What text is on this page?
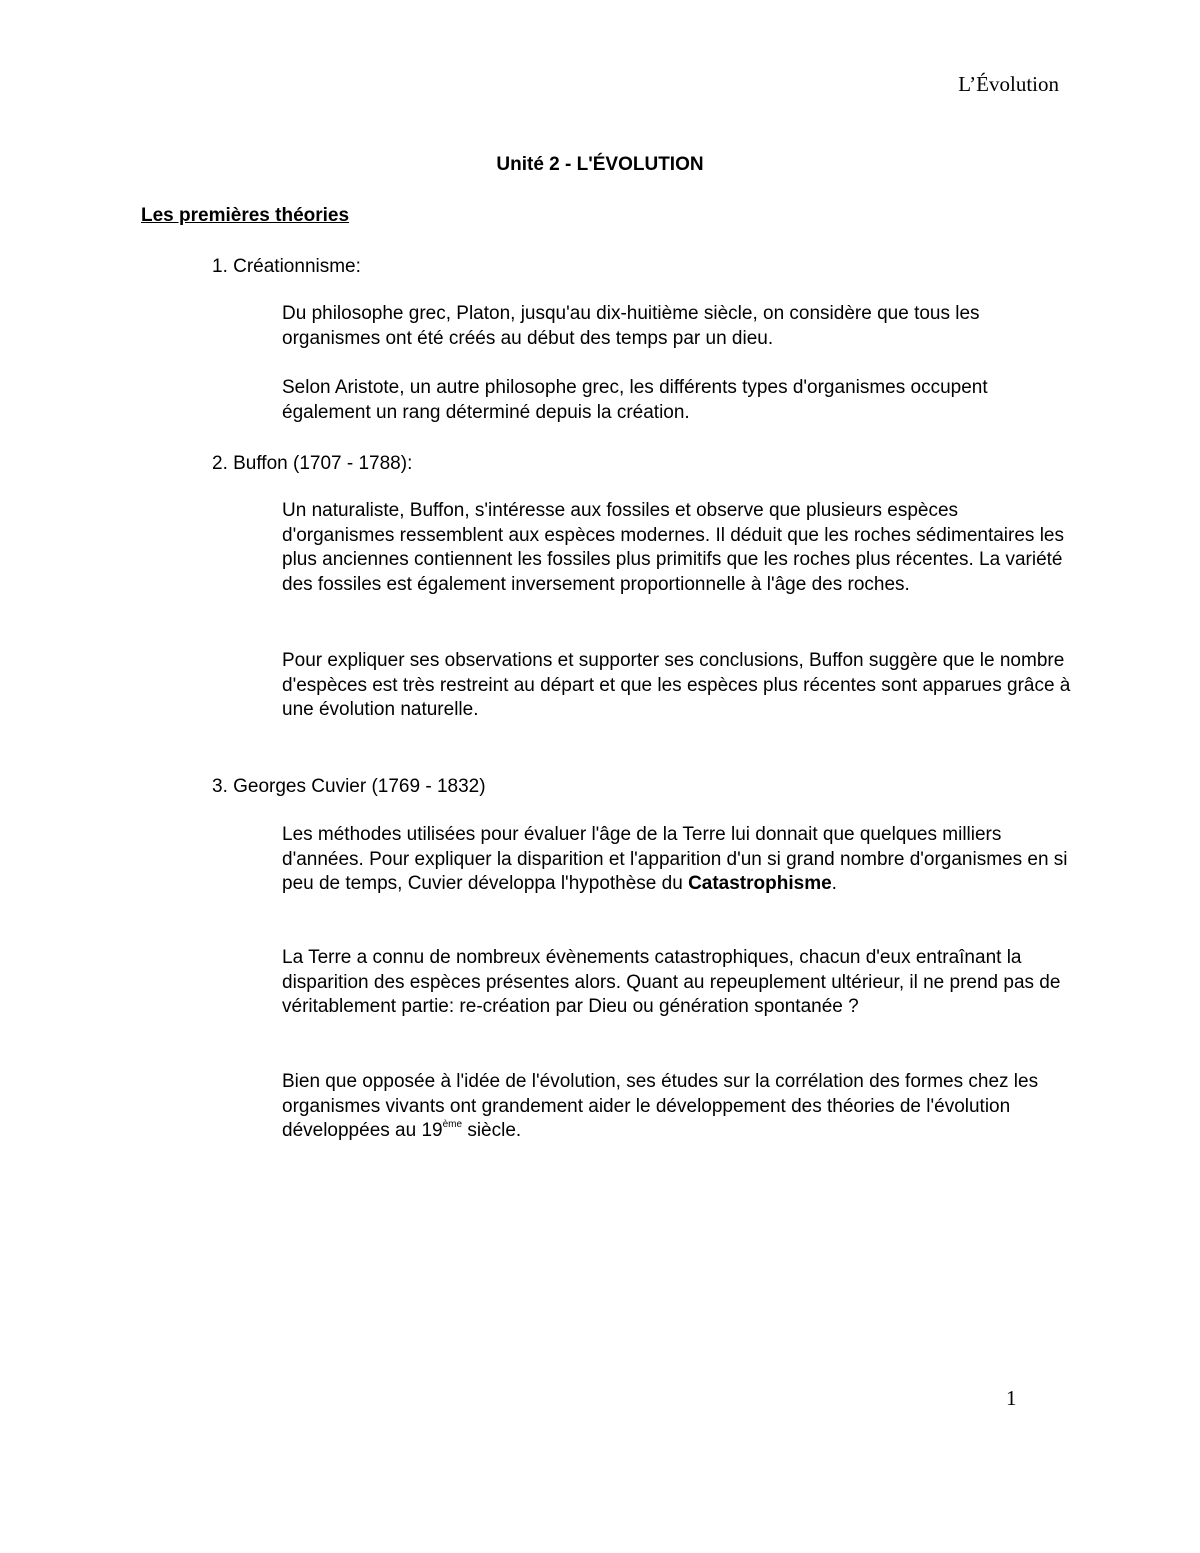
L’Évolution
Unité 2 - L'ÉVOLUTION
Les premières théories
1. Créationnisme:
Du philosophe grec, Platon, jusqu'au dix-huitième siècle, on considère que tous les organismes ont été créés au début des temps par un dieu.
Selon Aristote, un autre philosophe grec, les différents types d'organismes occupent également un rang déterminé depuis la création.
2. Buffon (1707 - 1788):
Un naturaliste, Buffon, s'intéresse aux fossiles et observe que plusieurs espèces d'organismes ressemblent aux espèces modernes. Il déduit que les roches sédimentaires les plus anciennes contiennent les fossiles plus primitifs que les roches plus récentes. La variété des fossiles est également inversement proportionnelle à l'âge des roches.
Pour expliquer ses observations et supporter ses conclusions, Buffon suggère que le nombre d'espèces est très restreint au départ et que les espèces plus récentes sont apparues grâce à une évolution naturelle.
3. Georges Cuvier (1769 - 1832)
Les méthodes utilisées pour évaluer l'âge de la Terre lui donnait que quelques milliers d'années. Pour expliquer la disparition et l'apparition d'un si grand nombre d'organismes en si peu de temps, Cuvier développa l'hypothèse du Catastrophisme.
La Terre a connu de nombreux évènements catastrophiques, chacun d'eux entraînant la disparition des espèces présentes alors. Quant au repeuplement ultérieur, il ne prend pas de véritablement partie: re-création par Dieu ou génération spontanée ?
Bien que opposée à l'idée de l'évolution, ses études sur la corrélation des formes chez les organismes vivants ont grandement aider le développement des théories de l'évolution développées au 19ème siècle.
1
